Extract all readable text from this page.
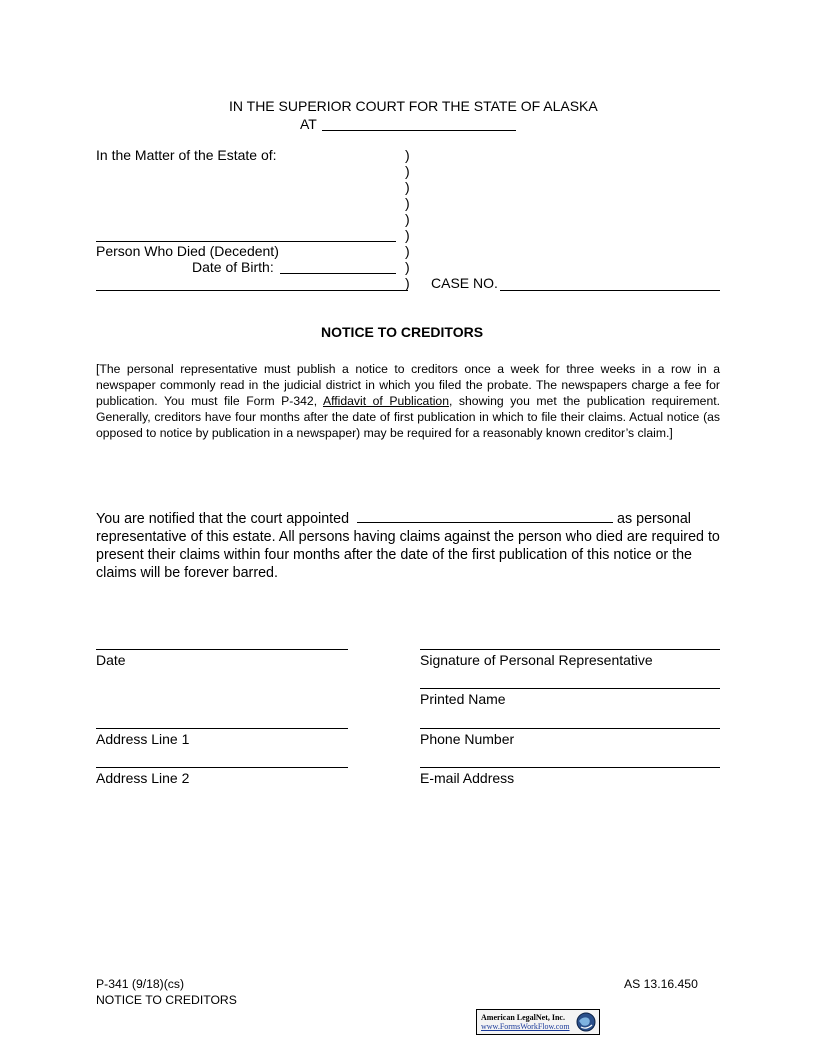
IN THE SUPERIOR COURT FOR THE STATE OF ALASKA
AT
In the Matter of the Estate of:
Person Who Died (Decedent)
Date of Birth:
)
)
)
)
)
)
)
)
) CASE NO.
NOTICE TO CREDITORS
[The personal representative must publish a notice to creditors once a week for three weeks in a row in a newspaper commonly read in the judicial district in which you filed the probate. The newspapers charge a fee for publication. You must file Form P-342, Affidavit of Publication, showing you met the publication requirement. Generally, creditors have four months after the date of first publication in which to file their claims. Actual notice (as opposed to notice by publication in a newspaper) may be required for a reasonably known creditor’s claim.]
You are notified that the court appointed	as personal representative of this estate. All persons having claims against the person who died are required to present their claims within four months after the date of the first publication of this notice or the claims will be forever barred.
Date	Signature of Personal Representative
Printed Name
Address Line 1	Phone Number
Address Line 2	E-mail Address
P-341 (9/18)(cs)
NOTICE TO CREDITORS
AS 13.16.450
American LegalNet, Inc.
www.FormsWorkFlow.com
